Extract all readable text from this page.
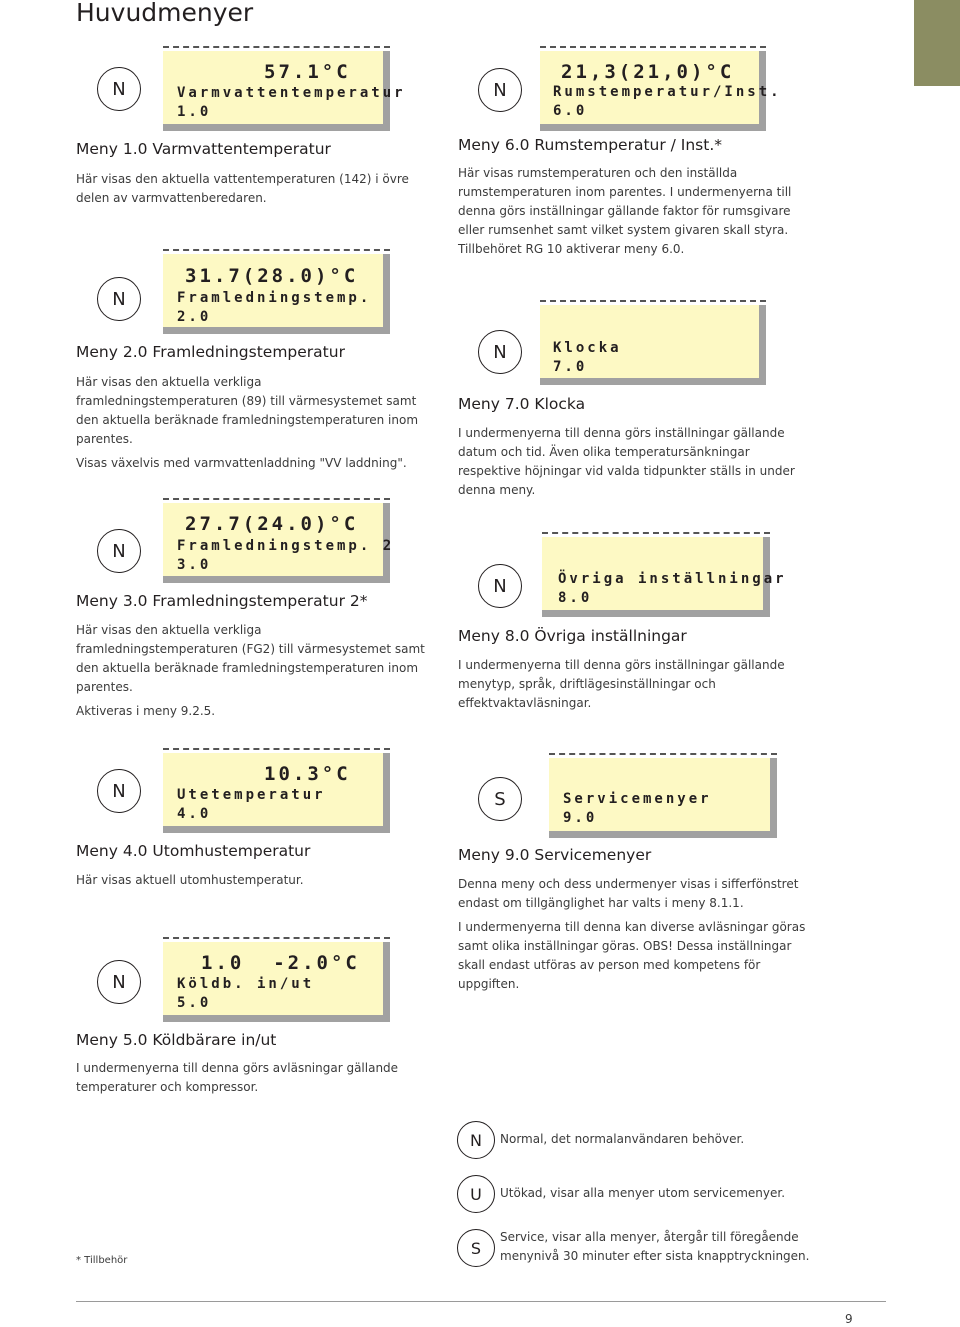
Huvudmenyer
N
57.1°C
Varmvattentemperatur
1.0
Meny 1.0 Varmvattentemperatur

Här visas den aktuella vattentemperaturen (142) i övre delen av varmvattenberedaren.

N
31.7(28.0)°C
Framledningstemp.
2.0
Meny 2.0 Framledningstemperatur

Här visas den aktuella verkliga framledningstemperaturen (89) till värmesystemet samt den aktuella beräknade framledningstemperaturen inom parentes.

Visas växelvis med varmvattenladdning "VV laddning".

N
27.7(24.0)°C
Framledningstemp. 2
3.0
Meny 3.0 Framledningstemperatur 2*

Här visas den aktuella verkliga framledningstemperaturen (FG2) till värmesystemet samt den aktuella beräknade framledningstemperaturen inom parentes.

Aktiveras i meny 9.2.5.

N
10.3°C
Utetemperatur
4.0
Meny 4.0 Utomhustemperatur

Här visas aktuell utomhustemperatur.

N
1.0  -2.0°C
Köldb. in/ut
5.0
Meny 5.0 Köldbärare in/ut

I undermenyerna till denna görs avläsningar gällande temperaturer och kompressor.

N
21,3(21,0)°C
Rumstemperatur/Inst.
6.0
Meny 6.0 Rumstemperatur / Inst.*

Här visas rumstemperaturen och den inställda rumstemperaturen inom parentes. I undermenyerna till denna görs inställningar gällande faktor för rumsgivare eller rumsenhet samt vilket system givaren skall styra. Tillbehöret RG 10 aktiverar meny 6.0.

N	Klocka
7.0
Meny 7.0 Klocka

I undermenyerna till denna görs inställningar gällande datum och tid. Även olika temperatursänkningar respektive höjningar vid valda tidpunkter ställs in under denna meny.

N	Övriga inställningar
8.0
Meny 8.0 Övriga inställningar

I undermenyerna till denna görs inställningar gällande menytyp, språk, driftlägesinställningar och effektvaktavläsningar.

S	Servicemenyer
9.0
Meny 9.0 Servicemenyer

Denna meny och dess undermenyer visas i sifferfönstret endast om tillgänglighet har valts i meny 8.1.1.

I undermenyerna till denna kan diverse avläsningar göras samt olika inställningar göras. OBS! Dessa inställningar skall endast utföras av person med kompetens för uppgiften.

N	Normal, det normalanvändaren behöver.
U	Utökad, visar alla menyer utom servicemenyer.
S
Service, visar alla menyer, återgår till föregående menynivå 30 minuter efter sista knapptryckningen.
* Tillbehör
9
